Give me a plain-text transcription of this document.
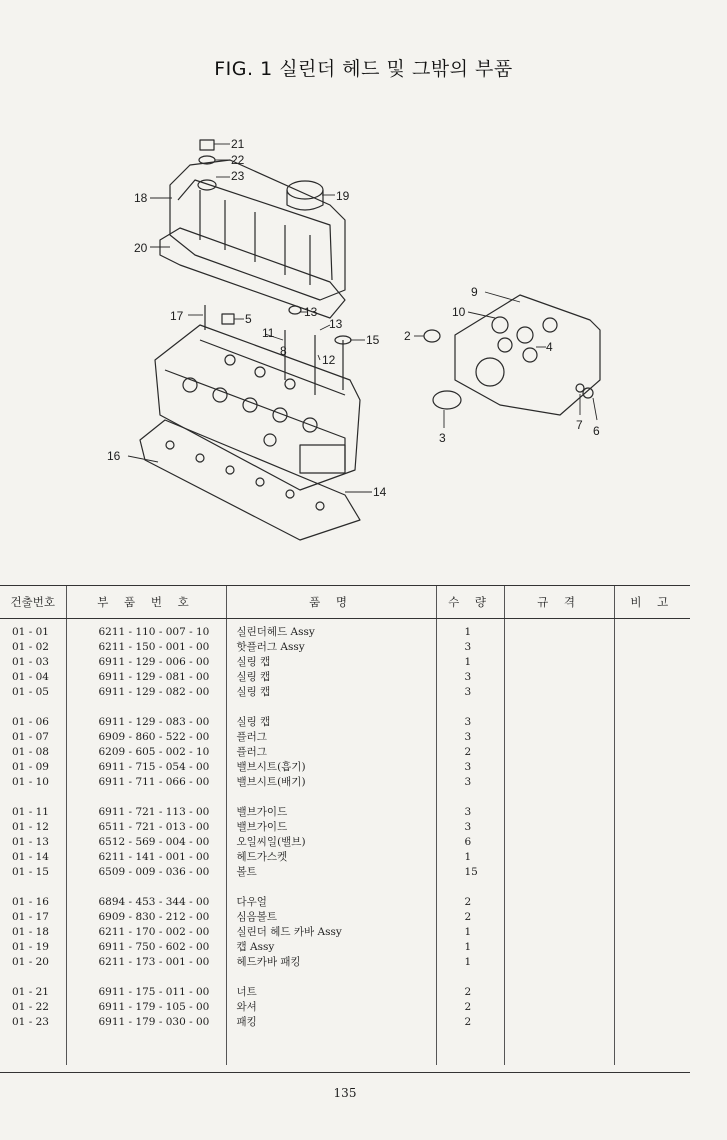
FIG. 1 실린더 헤드 및 그밖의 부품
21
22
23
18	19
20
17	5
11
8
13
13
15
12
16
14
9
10
2
4
3
7 6
건출번호	부 품 번 호	품 명	수 량	규 격	비 고

01 - 01	6211 - 110 - 007 - 10	실린더헤드 Assy	1		
01 - 02	6211 - 150 - 001 - 00	핫플러그 Assy	3		
01 - 03	6911 - 129 - 006 - 00	실링 캡	1		
01 - 04	6911 - 129 - 081 - 00	실링 캡	3		
01 - 05	6911 - 129 - 082 - 00	실링 캡	3		

01 - 06	6911 - 129 - 083 - 00	실링 캡	3		
01 - 07	6909 - 860 - 522 - 00	플러그	3		
01 - 08	6209 - 605 - 002 - 10	플러그	2		
01 - 09	6911 - 715 - 054 - 00	밸브시트(흡기)	3		
01 - 10	6911 - 711 - 066 - 00	밸브시트(배기)	3		

01 - 11	6911 - 721 - 113 - 00	밸브가이드	3		
01 - 12	6511 - 721 - 013 - 00	밸브가이드	3		
01 - 13	6512 - 569 - 004 - 00	오일씨일(밸브)	6		
01 - 14	6211 - 141 - 001 - 00	헤드가스켓	1		
01 - 15	6509 - 009 - 036 - 00	볼트	15		

01 - 16	6894 - 453 - 344 - 00	다우얼	2		
01 - 17	6909 - 830 - 212 - 00	심음볼트	2		
01 - 18	6211 - 170 - 002 - 00	실린더 헤드 카바 Assy	1		
01 - 19	6911 - 750 - 602 - 00	캡 Assy	1		
01 - 20	6211 - 173 - 001 - 00	헤드카바 패킹	1		

01 - 21	6911 - 175 - 011 - 00	너트	2		
01 - 22	6911 - 179 - 105 - 00	와셔	2		
01 - 23	6911 - 179 - 030 - 00	패킹	2		

135
